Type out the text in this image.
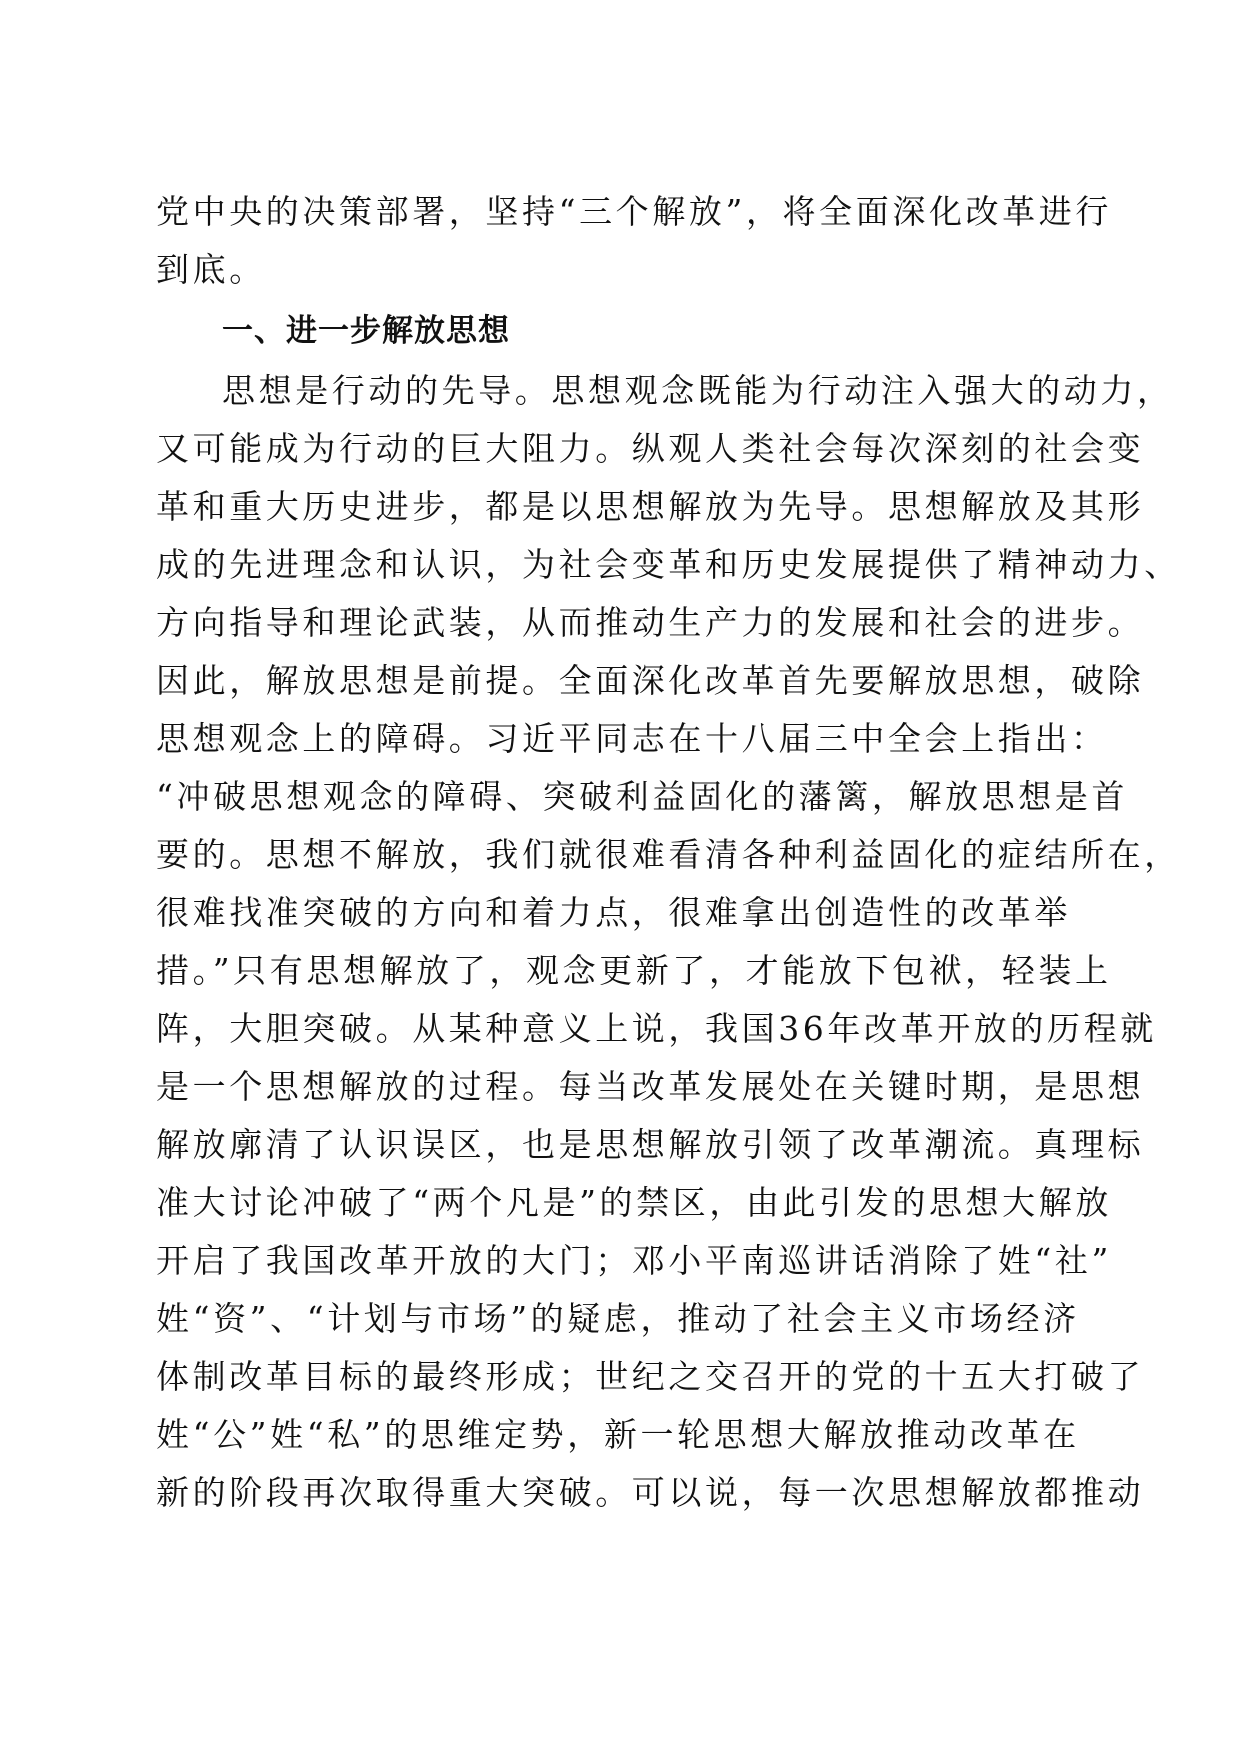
党中央的决策部署，坚持“三个解放”，将全面深化改革进行
到底。
一、进一步解放思想
思想是行动的先导。思想观念既能为行动注入强大的动力，
又可能成为行动的巨大阻力。纵观人类社会每次深刻的社会变
革和重大历史进步，都是以思想解放为先导。思想解放及其形
成的先进理念和认识，为社会变革和历史发展提供了精神动力、
方向指导和理论武装，从而推动生产力的发展和社会的进步。
因此，解放思想是前提。全面深化改革首先要解放思想，破除
思想观念上的障碍。习近平同志在十八届三中全会上指出：
“冲破思想观念的障碍、突破利益固化的藩篱，解放思想是首
要的。思想不解放，我们就很难看清各种利益固化的症结所在，
很难找准突破的方向和着力点，很难拿出创造性的改革举
措。”只有思想解放了，观念更新了，才能放下包袱，轻装上
阵，大胆突破。从某种意义上说，我国36年改革开放的历程就
是一个思想解放的过程。每当改革发展处在关键时期，是思想
解放廓清了认识误区，也是思想解放引领了改革潮流。真理标
准大讨论冲破了“两个凡是”的禁区，由此引发的思想大解放
开启了我国改革开放的大门；邓小平南巡讲话消除了姓“社”
姓“资”、“计划与市场”的疑虑，推动了社会主义市场经济
体制改革目标的最终形成；世纪之交召开的党的十五大打破了
姓“公”姓“私”的思维定势，新一轮思想大解放推动改革在
新的阶段再次取得重大突破。可以说，每一次思想解放都推动
